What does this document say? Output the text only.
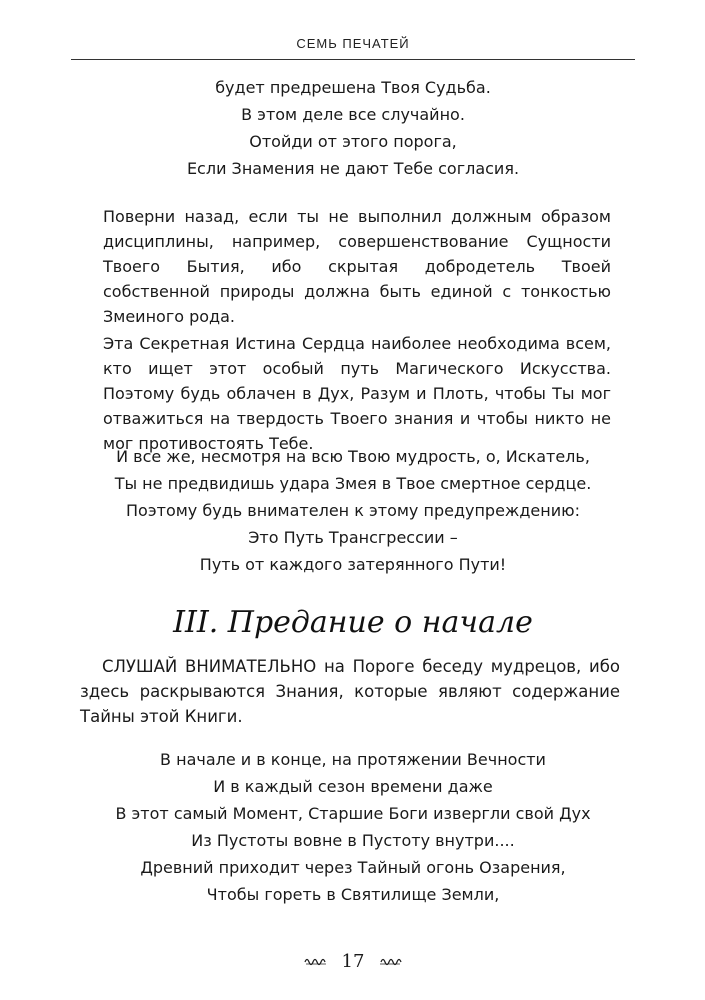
СЕМЬ ПЕЧАТЕЙ
будет предрешена Твоя Судьба.
В этом деле все случайно.
Отойди от этого порога,
Если Знамения не дают Тебе согласия.

Поверни назад, если ты не выполнил должным образом дисциплины, например, совершенствование Сущности Твоего Бытия, ибо скрытая добродетель Твоей собственной природы должна быть единой с тонкостью Змеиного рода.

Эта Секретная Истина Сердца наиболее необходима всем, кто ищет этот особый путь Магического Искусства. Поэтому будь облачен в Дух, Разум и Плоть, чтобы Ты мог отважиться на твердость Твоего знания и чтобы никто не мог противостоять Тебе.

И все же, несмотря на всю Твою мудрость, о, Искатель,
Ты не предвидишь удара Змея в Твое смертное сердце.
Поэтому будь внимателен к этому предупреждению:
Это Путь Трансгрессии –
Путь от каждого затерянного Пути!
III. Предание о начале

СЛУШАЙ ВНИМАТЕЛЬНО на Пороге беседу мудрецов, ибо здесь раскрываются Знания, которые являют содержание Тайны этой Книги.

В начале и в конце, на протяжении Вечности
И в каждый сезон времени даже
В этот самый Момент, Старшие Боги извергли свой Дух
Из Пустоты вовне в Пустоту внутри....
Древний приходит через Тайный огонь Озарения,
Чтобы гореть в Святилище Земли,
17
